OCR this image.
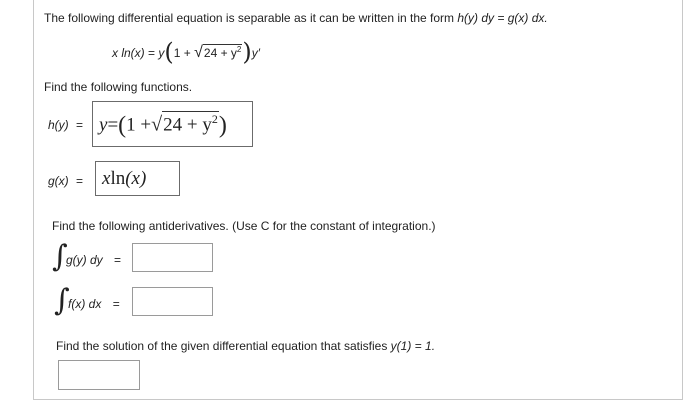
The following differential equation is separable as it can be written in the form h(y) dy = g(x) dx.
x $\ln(x) = y(1 + √24 + y^2)y'$
Find the following functions.
$h(y) = y=(1 +√24 + y^2)$
g(x) = xln(x)
Find the following antiderivatives. (Use C for the constant of integration.)
∫
g(y) dy =
∫
f(x) dx =
Find the solution of the given differential equation that satisfies y(1) = 1.
